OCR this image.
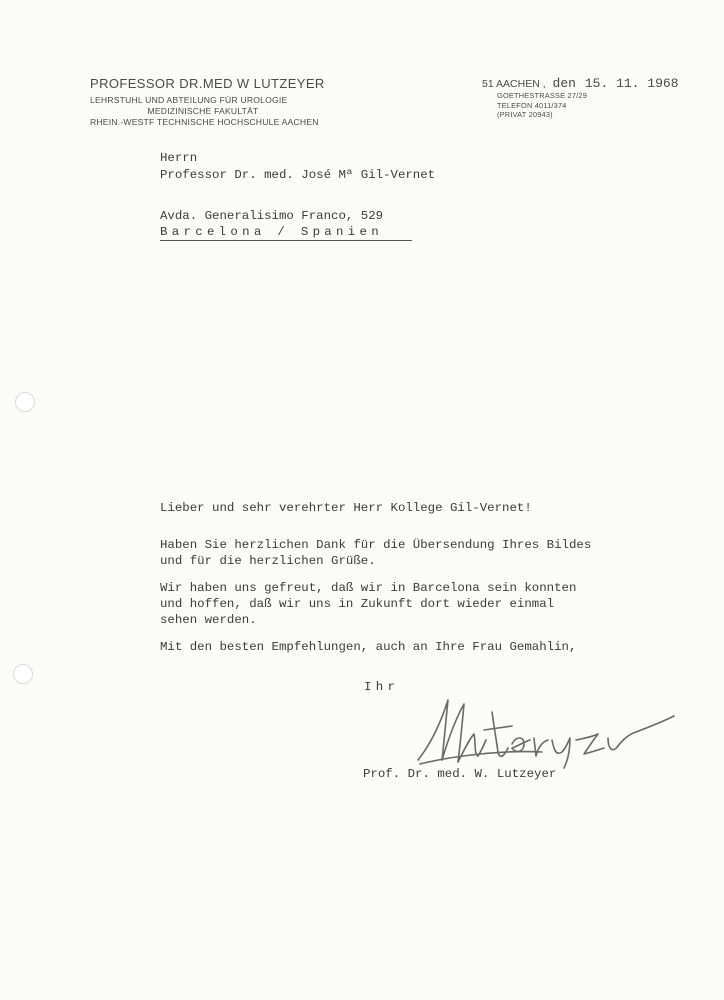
PROFESSOR DR.MED W LUTZEYER
LEHRSTUHL UND ABTEILUNG FÜR UROLOGIE
MEDIZINISCHE FAKULTÄT
RHEIN.-WESTF TECHNISCHE HOCHSCHULE AACHEN
51 AACHEN , den 15. 11. 1968
GOETHESTRASSE 27/29
TELEFON 4011/374
(PRIVAT 20943)
Herrn
Professor Dr. med. José Mª Gil-Vernet
Avda. Generalisimo Franco, 529
Barcelona / Spanien
Lieber und sehr verehrter Herr Kollege Gil-Vernet!
Haben Sie herzlichen Dank für die Übersendung Ihres Bildes
und für die herzlichen Grüße.
Wir haben uns gefreut, daß wir in Barcelona sein konnten
und hoffen, daß wir uns in Zukunft dort wieder einmal
sehen werden.
Mit den besten Empfehlungen, auch an Ihre Frau Gemahlin,
Ihr
Prof. Dr. med. W. Lutzeyer
